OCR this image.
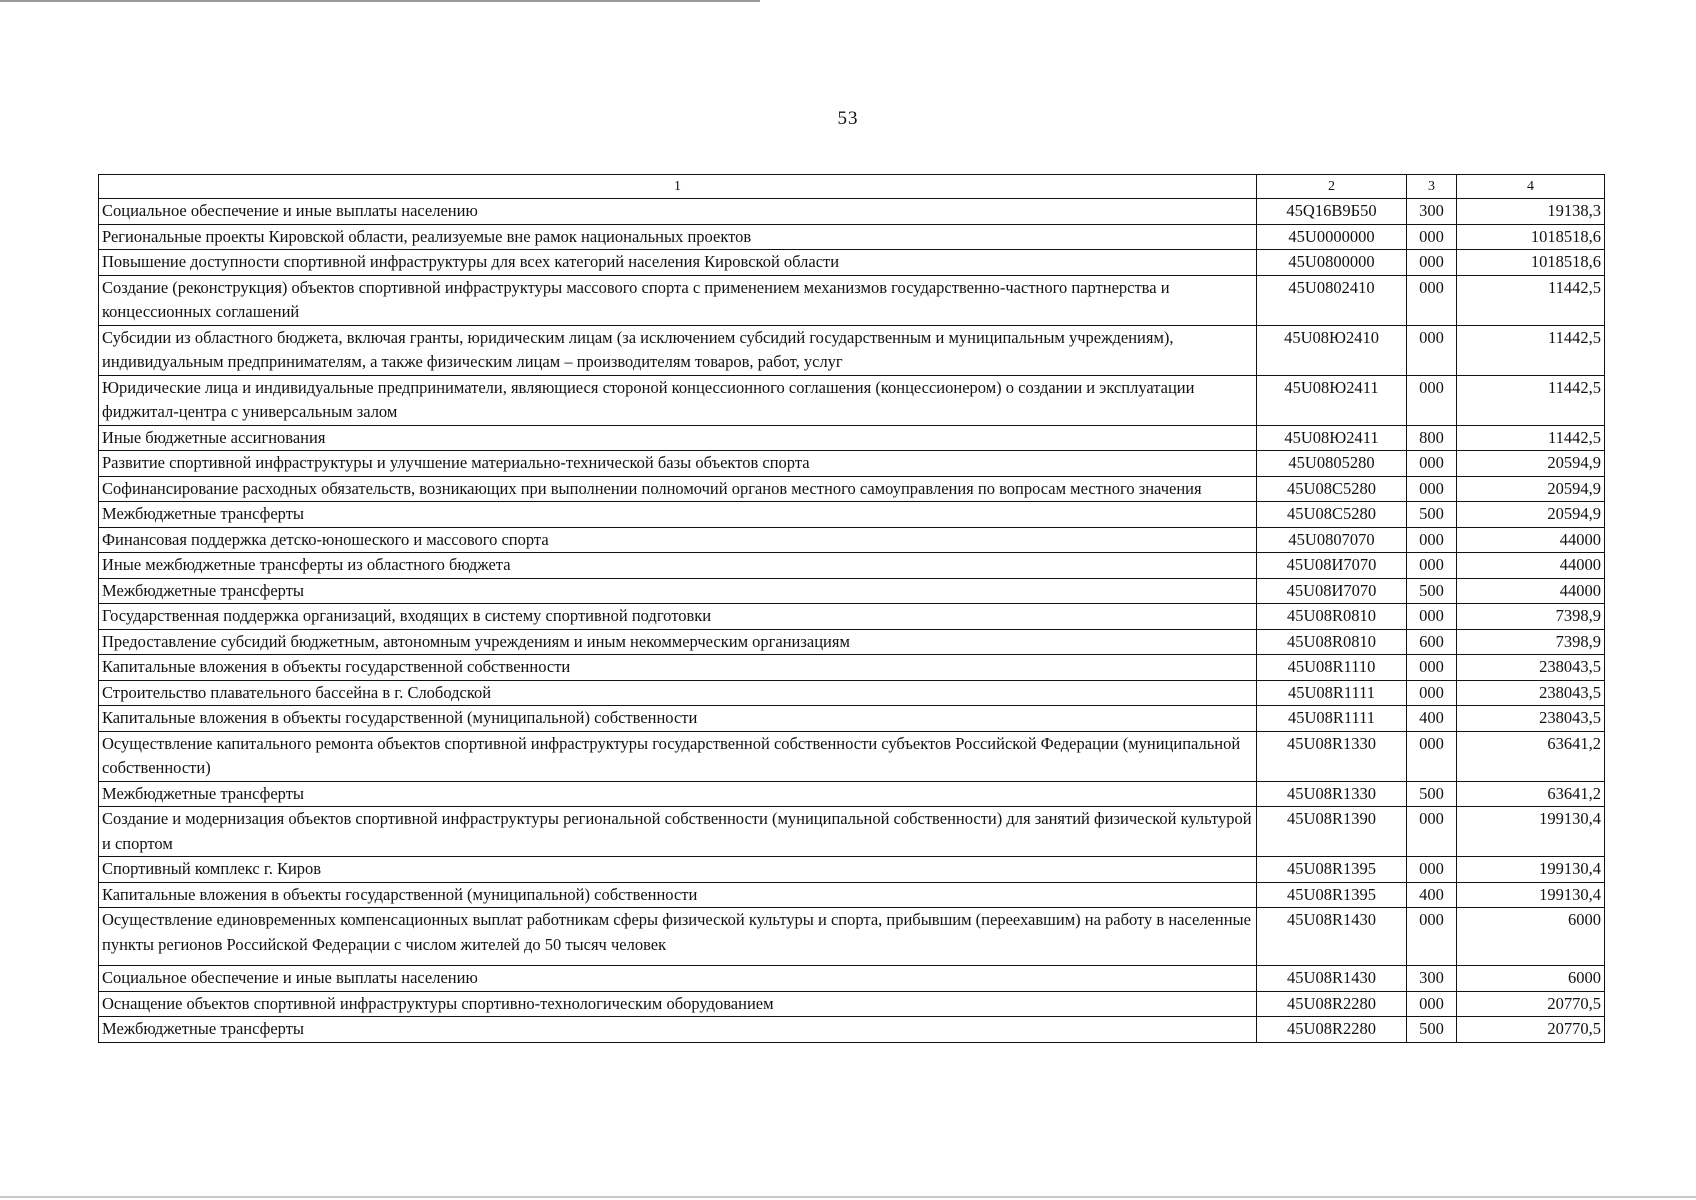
53
1	2	3	4
Социальное обеспечение и иные выплаты населению	45Q16В9Б50	300	19138,3
Региональные проекты Кировской области, реализуемые вне рамок национальных проектов	45U0000000	000	1018518,6
Повышение доступности спортивной инфраструктуры для всех категорий населения Кировской области	45U0800000	000	1018518,6
Создание (реконструкция) объектов спортивной инфраструктуры массового спорта с применением механизмов государственно-частного партнерства и концессионных соглашений	45U0802410	000	11442,5
Субсидии из областного бюджета, включая гранты, юридическим лицам (за исключением субсидий государственным и муниципальным учреждениям), индивидуальным предпринимателям, а также физическим лицам – производителям товаров, работ, услуг	45U08Ю2410	000	11442,5
Юридические лица и индивидуальные предприниматели, являющиеся стороной концессионного соглашения (концессионером) о создании и эксплуатации фиджитал-центра с универсальным залом	45U08Ю2411	000	11442,5
Иные бюджетные ассигнования	45U08Ю2411	800	11442,5
Развитие спортивной инфраструктуры и улучшение материально-технической базы объектов спорта	45U0805280	000	20594,9
Софинансирование расходных обязательств, возникающих при выполнении полномочий органов местного самоуправления по вопросам местного значения	45U08С5280	000	20594,9
Межбюджетные трансферты	45U08С5280	500	20594,9
Финансовая поддержка детско-юношеского и массового спорта	45U0807070	000	44000
Иные межбюджетные трансферты из областного бюджета	45U08И7070	000	44000
Межбюджетные трансферты	45U08И7070	500	44000
Государственная поддержка организаций, входящих в систему спортивной подготовки	45U08R0810	000	7398,9
Предоставление субсидий бюджетным, автономным учреждениям и иным некоммерческим организациям	45U08R0810	600	7398,9
Капитальные вложения в объекты государственной собственности	45U08R1110	000	238043,5
Строительство плавательного бассейна в г. Слободской	45U08R1111	000	238043,5
Капитальные вложения в объекты государственной (муниципальной) собственности	45U08R1111	400	238043,5
Осуществление капитального ремонта объектов спортивной инфраструктуры государственной собственности субъектов Российской Федерации (муниципальной собственности)	45U08R1330	000	63641,2
Межбюджетные трансферты	45U08R1330	500	63641,2
Создание и модернизация объектов спортивной инфраструктуры региональной собственности (муниципальной собственности) для занятий физической культурой и спортом	45U08R1390	000	199130,4
Спортивный комплекс г. Киров	45U08R1395	000	199130,4
Капитальные вложения в объекты государственной (муниципальной) собственности	45U08R1395	400	199130,4
Осуществление единовременных компенсационных выплат работникам сферы физической культуры и спорта, прибывшим (переехавшим) на работу в населенные пункты регионов Российской Федерации с числом жителей до 50 тысяч человек	45U08R1430	000	6000
Социальное обеспечение и иные выплаты населению	45U08R1430	300	6000
Оснащение объектов спортивной инфраструктуры спортивно-технологическим оборудованием	45U08R2280	000	20770,5
Межбюджетные трансферты	45U08R2280	500	20770,5
